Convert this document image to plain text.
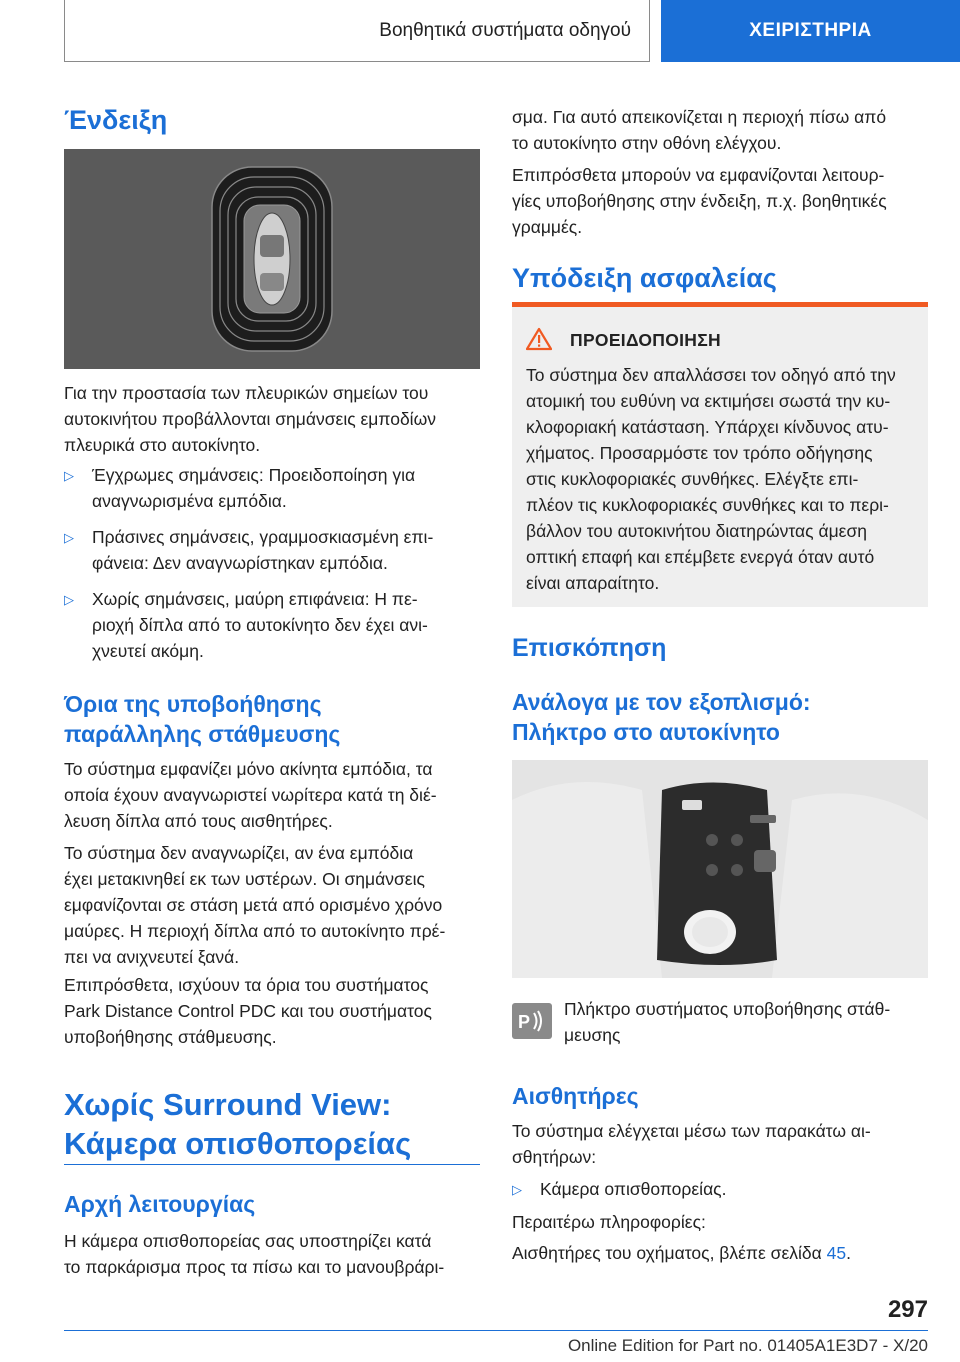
Βοηθητικά συστήματα οδηγού	ΧΕΙΡΙΣΤΗΡΙΑ
Ένδειξη

Για την προστασία των πλευρικών σημείων του

αυτοκινήτου προβάλλονται σημάνσεις εμποδίων

πλευρικά στο αυτοκίνητο.

▷	Έγχρωμες σημάνσεις: Προειδοποίηση για

αναγνωρισμένα εμπόδια.

▷	Πράσινες σημάνσεις, γραμμοσκιασμένη επι‐

φάνεια: Δεν αναγνωρίστηκαν εμπόδια.

▷	Χωρίς σημάνσεις, μαύρη επιφάνεια: Η πε‐

ριοχή δίπλα από το αυτοκίνητο δεν έχει ανι‐

χνευτεί ακόμη.

Όρια της υποβοήθησης
παράλληλης στάθμευσης

Το σύστημα εμφανίζει μόνο ακίνητα εμπόδια, τα

οποία έχουν αναγνωριστεί νωρίτερα κατά τη διέ‐

λευση δίπλα από τους αισθητήρες.

Το σύστημα δεν αναγνωρίζει, αν ένα εμπόδια

έχει μετακινηθεί εκ των υστέρων. Οι σημάνσεις

εμφανίζονται σε στάση μετά από ορισμένο χρόνο

μαύρες. Η περιοχή δίπλα από το αυτοκίνητο πρέ‐

πει να ανιχνευτεί ξανά.

Επιπρόσθετα, ισχύουν τα όρια του συστήματος

Park Distance Control PDC και του συστήματος

υποβοήθησης στάθμευσης.

Χωρίς Surround View:
Κάμερα οπισθοπορείας
Αρχή λειτουργίας

Η κάμερα οπισθοπορείας σας υποστηρίζει κατά

το παρκάρισμα προς τα πίσω και το μανουβράρι‐

σμα. Για αυτό απεικονίζεται η περιοχή πίσω από

το αυτοκίνητο στην οθόνη ελέγχου.

Επιπρόσθετα μπορούν να εμφανίζονται λειτουρ‐

γίες υποβοήθησης στην ένδειξη, π.χ. βοηθητικές

γραμμές.

Υπόδειξη ασφαλείας
ΠΡΟΕΙΔΟΠΟΙΗΣΗ

Το σύστημα δεν απαλλάσσει τον οδηγό από την

ατομική του ευθύνη να εκτιμήσει σωστά την κυ‐

κλοφοριακή κατάσταση. Υπάρχει κίνδυνος ατυ‐

χήματος. Προσαρμόστε τον τρόπο οδήγησης

στις κυκλοφοριακές συνθήκες. Ελέγξτε επι‐

πλέον τις κυκλοφοριακές συνθήκες και το περι‐

βάλλον του αυτοκινήτου διατηρώντας άμεση

οπτική επαφή και επέμβετε ενεργά όταν αυτό

είναι απαραίτητο.

Επισκόπηση
Ανάλογα με τον εξοπλισμό:
Πλήκτρο στο αυτοκίνητο
P

Πλήκτρο συστήματος υποβοήθησης στάθ‐

μευσης

Αισθητήρες

Το σύστημα ελέγχεται μέσω των παρακάτω αι‐

σθητήρων:

▷	Κάμερα οπισθοπορείας.

Περαιτέρω πληροφορίες:

Αισθητήρες του οχήματος, βλέπε σελίδα 45.

297
Online Edition for Part no. 01405A1E3D7 - X/20
